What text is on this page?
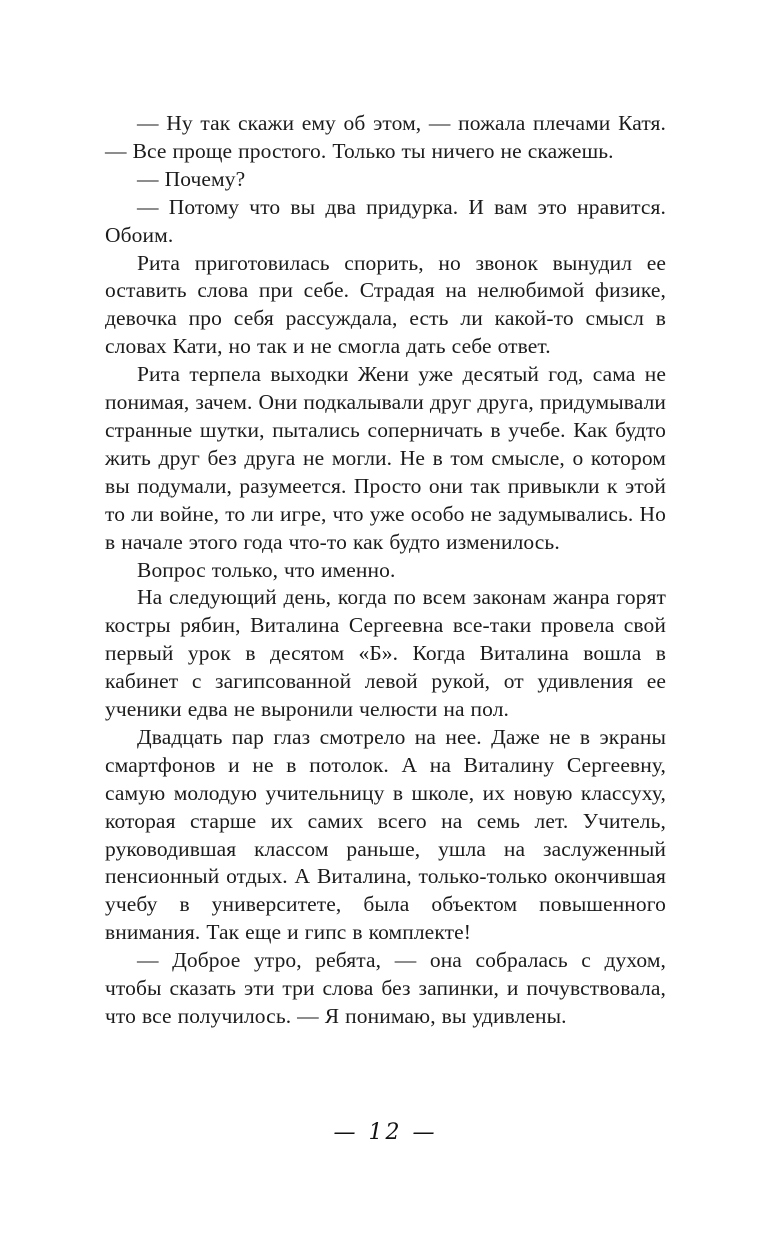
— Ну так скажи ему об этом, — пожала плечами Катя. — Все проще простого. Только ты ничего не скажешь.

— Почему?

— Потому что вы два придурка. И вам это нравится. Обоим.

Рита приготовилась спорить, но звонок вынудил ее оставить слова при себе. Страдая на нелюбимой физике, девочка про себя рассуждала, есть ли какой-то смысл в словах Кати, но так и не смогла дать себе ответ.

Рита терпела выходки Жени уже десятый год, сама не понимая, зачем. Они подкалывали друг друга, придумывали странные шутки, пытались соперничать в учебе. Как будто жить друг без друга не могли. Не в том смысле, о котором вы подумали, разумеется. Просто они так привыкли к этой то ли войне, то ли игре, что уже особо не задумывались. Но в начале этого года что-то как будто изменилось.

Вопрос только, что именно.

На следующий день, когда по всем законам жанра горят костры рябин, Виталина Сергеевна все-таки провела свой первый урок в десятом «Б». Когда Виталина вошла в кабинет с загипсованной левой рукой, от удивления ее ученики едва не выронили челюсти на пол.

Двадцать пар глаз смотрело на нее. Даже не в экраны смартфонов и не в потолок. А на Виталину Сергеевну, самую молодую учительницу в школе, их новую классуху, которая старше их самих всего на семь лет. Учитель, руководившая классом раньше, ушла на заслуженный пенсионный отдых. А Виталина, только-только окончившая учебу в университете, была объектом повышенного внимания. Так еще и гипс в комплекте!

— Доброе утро, ребята, — она собралась с духом, чтобы сказать эти три слова без запинки, и почувствовала, что все получилось. — Я понимаю, вы удивлены.

— 12 —
